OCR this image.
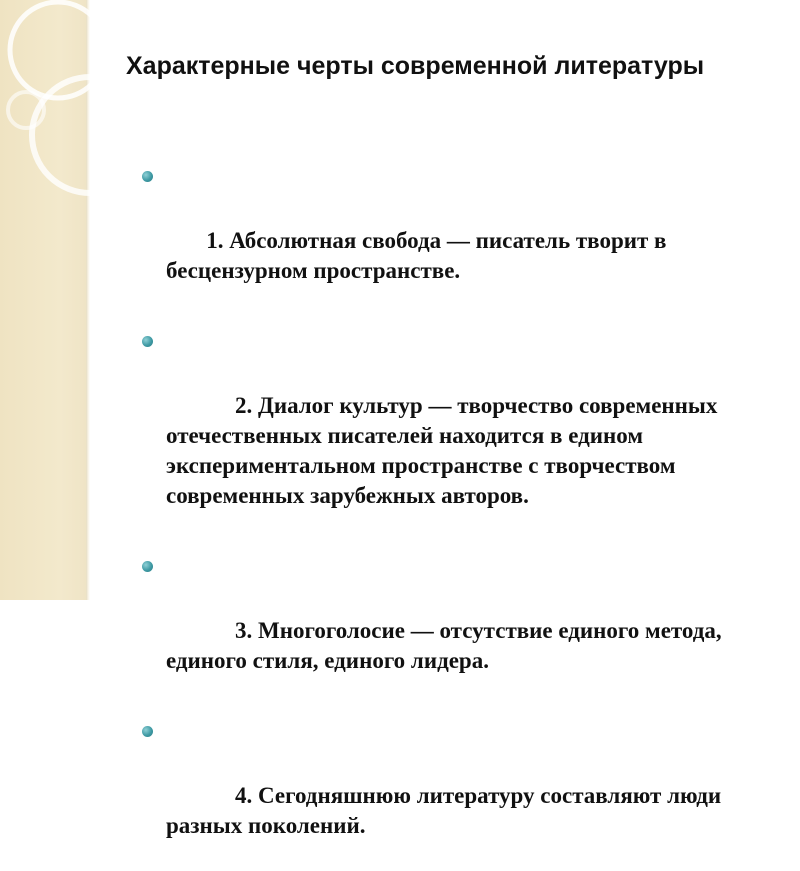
Характерные черты современной литературы

1. Абсолютная свобода — писатель творит в бесцензурном пространстве.

2. Диалог культур — творчество современных отечественных писателей находится в едином экспериментальном пространстве с творчеством современных зарубежных авторов.

3. Многоголосие — отсутствие единого метода, единого стиля, единого лидера.

4. Сегодняшнюю литературу составляют люди разных поколений.
